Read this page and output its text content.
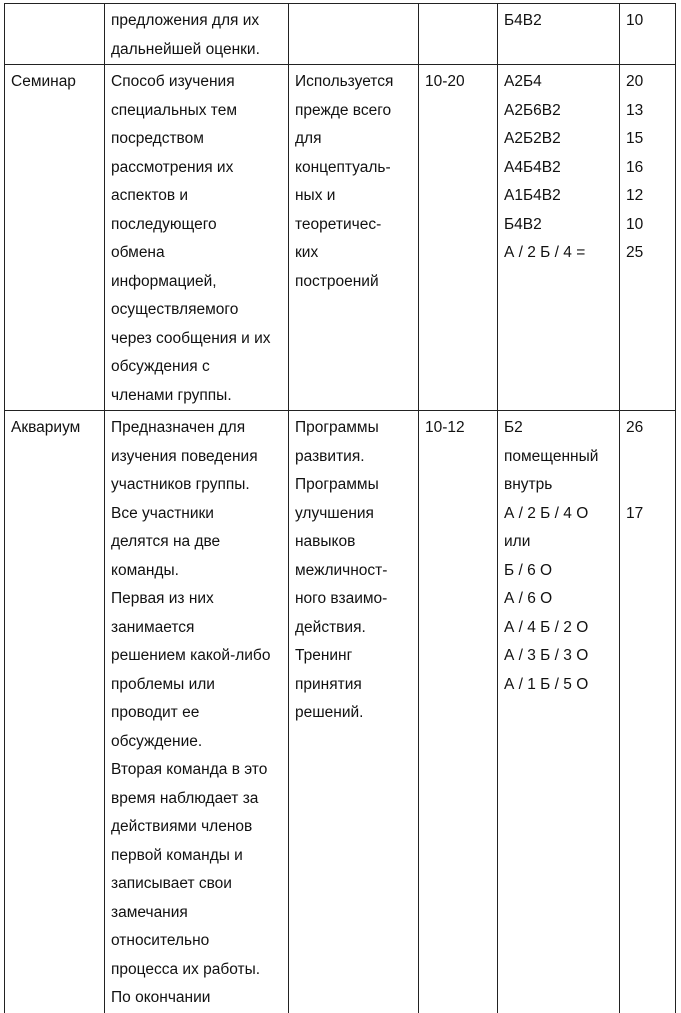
предложения для их
дальнейшей оценки.

Б4В2	10

Семинар	Способ изучения
специальных тем
посредством
рассмотрения их
аспектов и
последующего
обмена
информацией,
осуществляемого
через сообщения и их
обсуждения с
членами группы.

Используется
прежде всего
для
концептуаль-
ных и
теоретичес-
ких
построений

10-20	А2Б4
А2Б6В2
А2Б2В2
А4Б4В2
А1Б4В2
Б4В2
А / 2 Б / 4 =

20
13
15
16
12
10
25

Аквариум	Предназначен для
изучения поведения
участников группы.
Все участники
делятся на две
команды.
Первая из них
занимается
решением какой-либо
проблемы или
проводит ее
обсуждение.
Вторая команда в это
время наблюдает за
действиями членов
первой команды и
записывает свои
замечания
относительно
процесса их работы.
По окончании

Программы
развития.
Программы
улучшения
навыков
межличност-
ного взаимо-
действия.
Тренинг
принятия
решений.

10-12	Б2
помещенный
внутрь
А / 2 Б / 4 О
или
Б / 6 О
А / 6 О
А / 4 Б / 2 О
А / 3 Б / 3 О
А / 1 Б / 5 О

26
17
